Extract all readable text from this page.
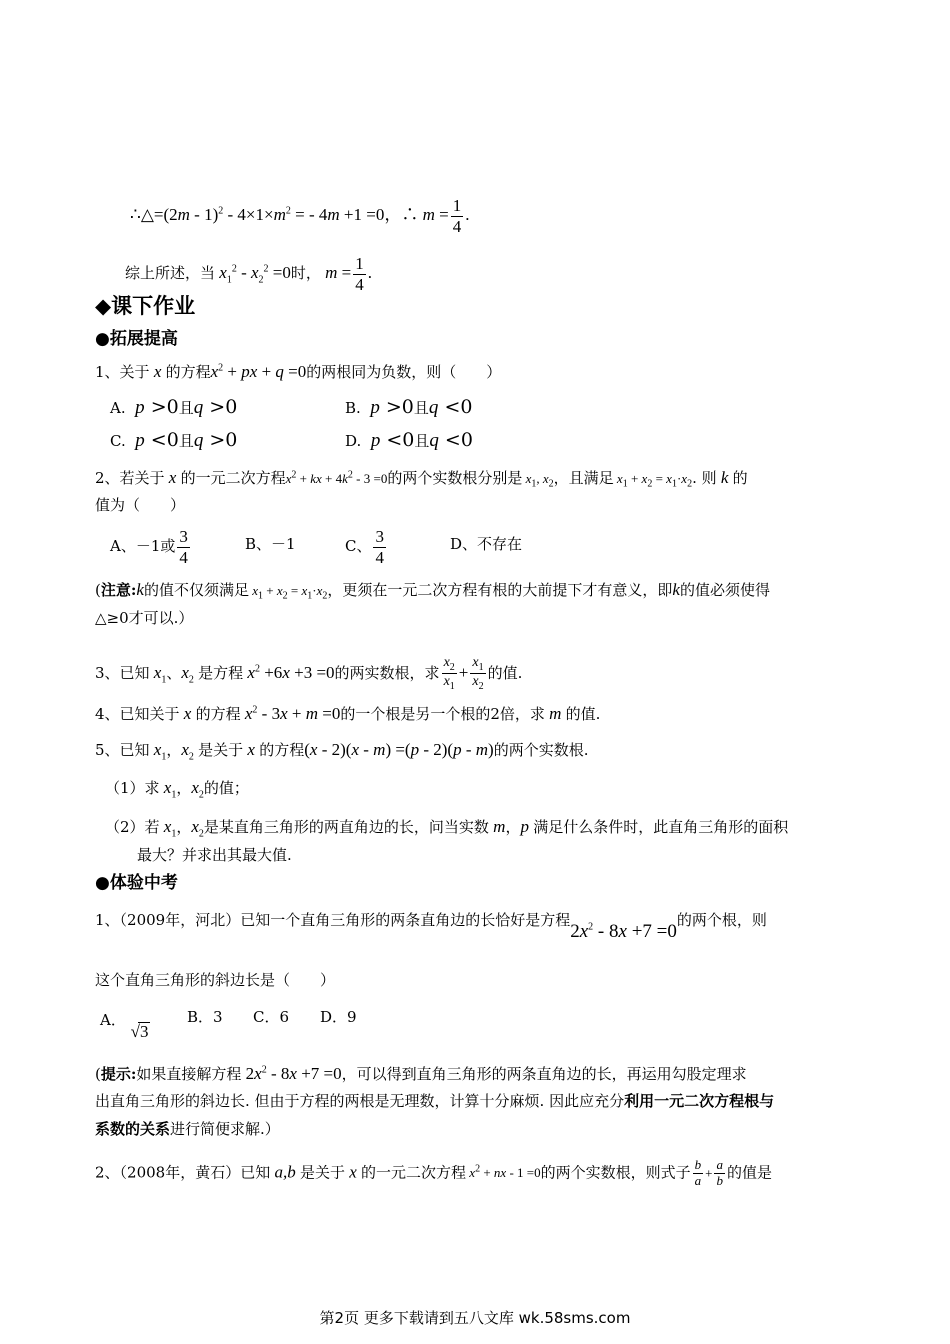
∴△=(2m - $1)^2 - 4\times 1\times m^2$ = - 4m +1 =0，∴ $m = \frac{1}{4}$ .
综上所述，当 $x_1^2 - x_2^2 =0$时， $m = \frac{1}{4}$ .
◆课下作业
●拓展提高
1、关于 x 的方程$x^2$ + px + q =0的两根同为负数，则（　　）
A. p >0且q >0	B. p >0且q <0
C. p <0且q >0	D. p <0且q <0
2、若关于 x 的一元二次方程$x^2$ + kx + $4k^2 - 3 =0$的两个实数根分别是 $x_1$, $x_2$，且满足 $x_1 + x_2 = x_1\cdot x_2$. 则 k 的
值为（　　）
A、－1或 $\frac{3}{4}$	B、－1	C、 $\frac{3}{4}$	D、不存在
(注意:k的值不仅须满足 $x_1 + x_2 = x_1\cdot x_2$，更须在一元二次方程有根的大前提下才有意义，即k的值必须使得
△≥0才可以.）
3、已知 $x_1$、$x_2$ 是方程 $x^2 +6x +3 =0$的两实数根，求 $\frac{x_2}{x_1} + \frac{x_1}{x_2}$ 的值.
4、已知关于 x 的方程 $x^2 - 3x + m =0$的一个根是另一个根的2倍，求 m 的值.
5、已知 $x_1$，$x_2$ 是关于 x 的方程(x - 2)(x - m) =(p - 2)(p - m)的两个实数根.
（1）求 $x_1$，$x_2$的值；
（2）若 $x_1$，$x_2$是某直角三角形的两直角边的长，问当实数 m，p 满足什么条件时，此直角三角形的面积
最大？并求出其最大值.
●体验中考
1、（2009年，河北）已知一个直角三角形的两条直角边的长恰好是方程$2x^2 - 8x +7 =0$的两个根，则
这个直角三角形的斜边长是（　　）
A． √3
B．3 C．6 D．9
(提示:如果直接解方程 $2x^2 - 8x +7 =0$，可以得到直角三角形的两条直角边的长，再运用勾股定理求
出直角三角形的斜边长. 但由于方程的两根是无理数，计算十分麻烦. 因此应充分利用一元二次方程根与
系数的关系进行简便求解.）
2、（2008年，黄石）已知 a,b 是关于 x 的一元二次方程 $x^2$ + nx - 1 =0的两个实数根，则式子 $\frac{b}{a} + \frac{a}{b}$ 的值是
第2页 更多下载请到五八文库 wk.58sms.com
